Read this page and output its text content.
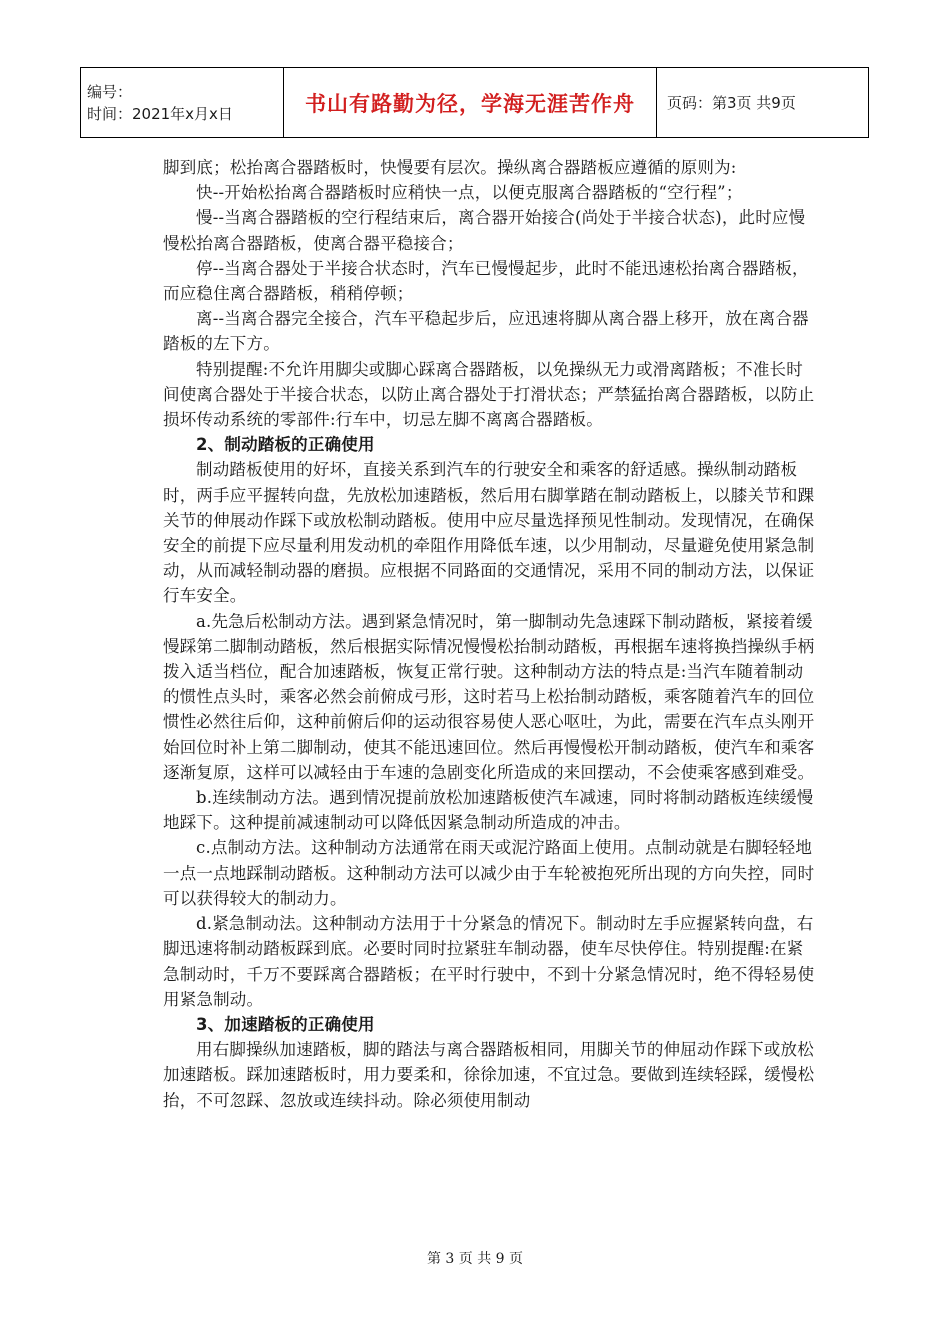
编号：
时间：2021年x月x日	书山有路勤为径，学海无涯苦作舟 页码：第3页 共9页

脚到底；松抬离合器踏板时，快慢要有层次。操纵离合器踏板应遵循的原则为:

快--开始松抬离合器踏板时应稍快一点，以便克服离合器踏板的“空行程”；

慢--当离合器踏板的空行程结束后，离合器开始接合(尚处于半接合状态)，此时应慢慢松抬离合器踏板，使离合器平稳接合；

停--当离合器处于半接合状态时，汽车已慢慢起步，此时不能迅速松抬离合器踏板，而应稳住离合器踏板，稍稍停顿；

离--当离合器完全接合，汽车平稳起步后，应迅速将脚从离合器上移开，放在离合器踏板的左下方。

特别提醒:不允许用脚尖或脚心踩离合器踏板，以免操纵无力或滑离踏板；不准长时间使离合器处于半接合状态，以防止离合器处于打滑状态；严禁猛抬离合器踏板，以防止损坏传动系统的零部件:行车中，切忌左脚不离离合器踏板。

2、制动踏板的正确使用

制动踏板使用的好坏，直接关系到汽车的行驶安全和乘客的舒适感。操纵制动踏板时，两手应平握转向盘，先放松加速踏板，然后用右脚掌踏在制动踏板上，以膝关节和踝关节的伸展动作踩下或放松制动踏板。使用中应尽量选择预见性制动。发现情况，在确保安全的前提下应尽量利用发动机的牵阻作用降低车速，以少用制动，尽量避免使用紧急制动，从而减轻制动器的磨损。应根据不同路面的交通情况，采用不同的制动方法，以保证行车安全。

a.先急后松制动方法。遇到紧急情况时，第一脚制动先急速踩下制动踏板，紧接着缓慢踩第二脚制动踏板，然后根据实际情况慢慢松抬制动踏板，再根据车速将换挡操纵手柄拨入适当档位，配合加速踏板，恢复正常行驶。这种制动方法的特点是:当汽车随着制动的惯性点头时，乘客必然会前俯成弓形，这时若马上松抬制动踏板，乘客随着汽车的回位惯性必然往后仰，这种前俯后仰的运动很容易使人恶心呕吐，为此，需要在汽车点头刚开始回位时补上第二脚制动，使其不能迅速回位。然后再慢慢松开制动踏板，使汽车和乘客逐渐复原，这样可以减轻由于车速的急剧变化所造成的来回摆动，不会使乘客感到难受。

b.连续制动方法。遇到情况提前放松加速踏板使汽车减速，同时将制动踏板连续缓慢地踩下。这种提前减速制动可以降低因紧急制动所造成的冲击。

c.点制动方法。这种制动方法通常在雨天或泥泞路面上使用。点制动就是右脚轻轻地一点一点地踩制动踏板。这种制动方法可以减少由于车轮被抱死所出现的方向失控，同时可以获得较大的制动力。

d.紧急制动法。这种制动方法用于十分紧急的情况下。制动时左手应握紧转向盘，右脚迅速将制动踏板踩到底。必要时同时拉紧驻车制动器，使车尽快停住。特别提醒:在紧急制动时，千万不要踩离合器踏板；在平时行驶中，不到十分紧急情况时，绝不得轻易使用紧急制动。

3、加速踏板的正确使用

用右脚操纵加速踏板，脚的踏法与离合器踏板相同，用脚关节的伸屈动作踩下或放松加速踏板。踩加速踏板时，用力要柔和，徐徐加速，不宜过急。要做到连续轻踩，缓慢松抬，不可忽踩、忽放或连续抖动。除必须使用制动

第 3 页 共 9 页
